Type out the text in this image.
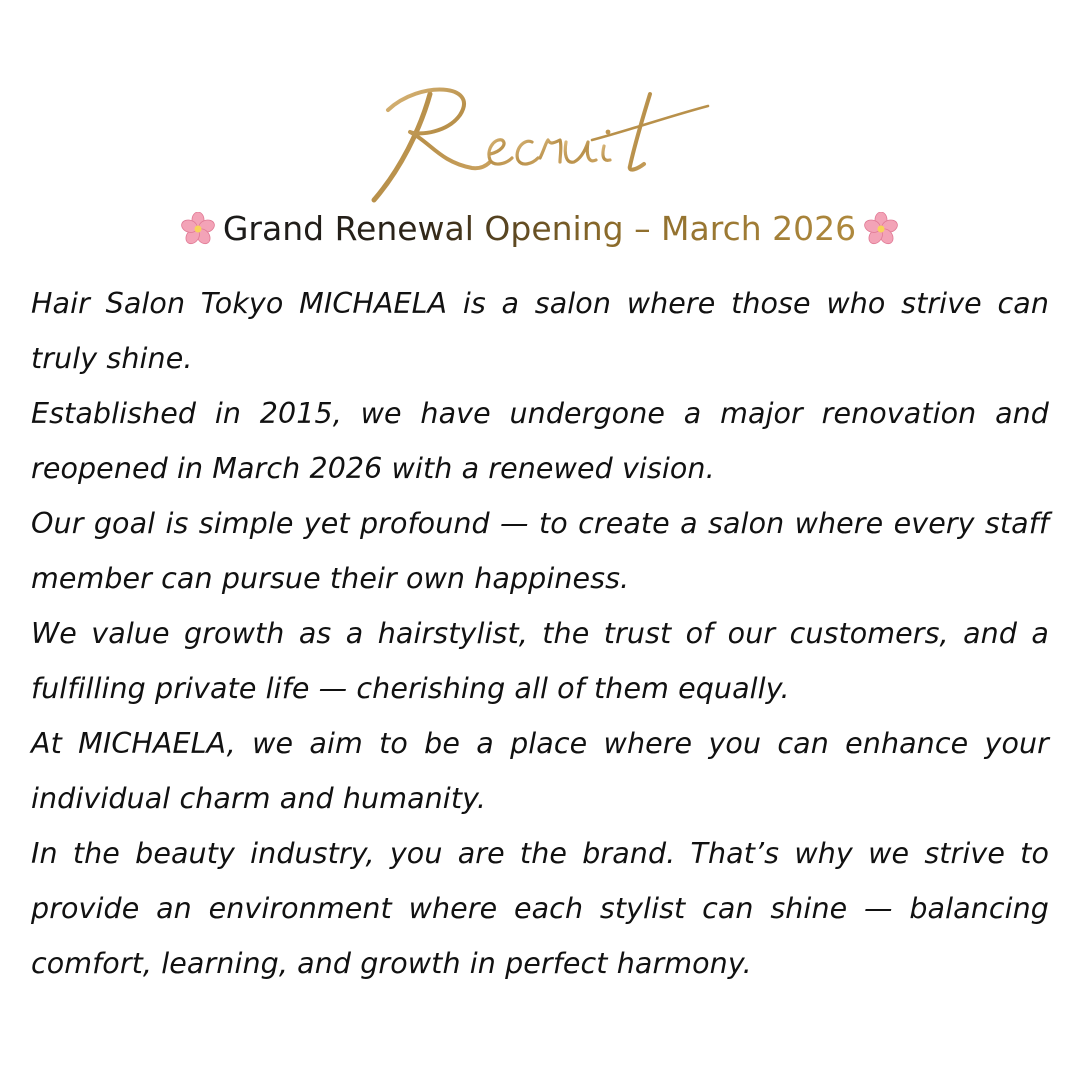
Grand Renewal Opening – March 2026

Hair Salon Tokyo MICHAELA is a salon where those who strive can truly shine.

Established in 2015, we have undergone a major renovation and reopened in March 2026 with a renewed vision.

Our goal is simple yet profound — to create a salon where every staff member can pursue their own happiness.

We value growth as a hairstylist, the trust of our customers, and a fulfilling private life — cherishing all of them equally.

At MICHAELA, we aim to be a place where you can enhance your individual charm and humanity.

In the beauty industry, you are the brand. That’s why we strive to provide an environment where each stylist can shine — balancing comfort, learning, and growth in perfect harmony.
